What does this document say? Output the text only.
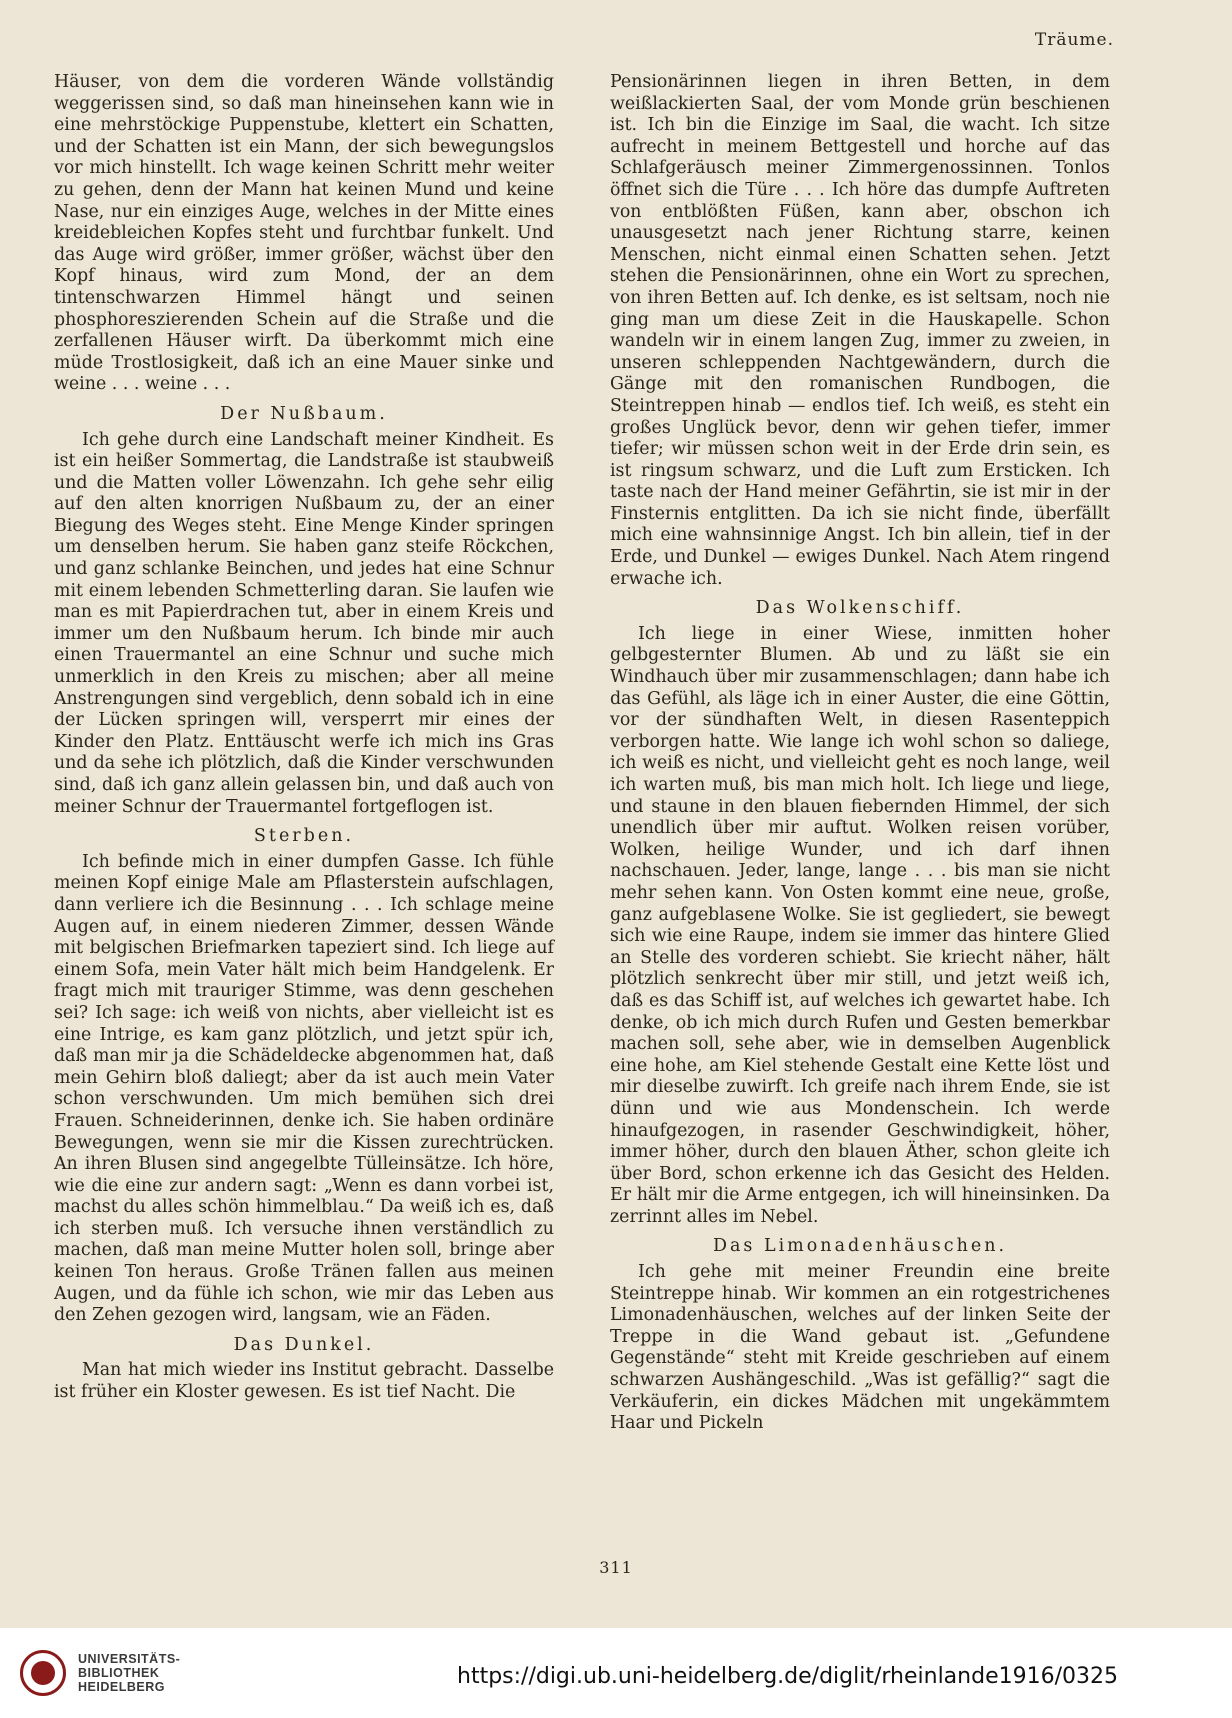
Träume.

Häuser, von dem die vorderen Wände vollständig weggerissen sind, so daß man hineinsehen kann wie in eine mehrstöckige Puppenstube, klettert ein Schatten, und der Schatten ist ein Mann, der sich bewegungslos vor mich hinstellt. Ich wage keinen Schritt mehr weiter zu gehen, denn der Mann hat keinen Mund und keine Nase, nur ein einziges Auge, welches in der Mitte eines kreidebleichen Kopfes steht und furchtbar funkelt. Und das Auge wird größer, immer größer, wächst über den Kopf hinaus, wird zum Mond, der an dem tintenschwarzen Himmel hängt und seinen phosphoreszierenden Schein auf die Straße und die zerfallenen Häuser wirft. Da überkommt mich eine müde Trostlosigkeit, daß ich an eine Mauer sinke und weine . . . weine . . .

Der Nußbaum.

Ich gehe durch eine Landschaft meiner Kindheit. Es ist ein heißer Sommertag, die Landstraße ist staubweiß und die Matten voller Löwenzahn. Ich gehe sehr eilig auf den alten knorrigen Nußbaum zu, der an einer Biegung des Weges steht. Eine Menge Kinder springen um denselben herum. Sie haben ganz steife Röckchen, und ganz schlanke Beinchen, und jedes hat eine Schnur mit einem lebenden Schmetterling daran. Sie laufen wie man es mit Papierdrachen tut, aber in einem Kreis und immer um den Nußbaum herum. Ich binde mir auch einen Trauermantel an eine Schnur und suche mich unmerklich in den Kreis zu mischen; aber all meine Anstrengungen sind vergeblich, denn sobald ich in eine der Lücken springen will, versperrt mir eines der Kinder den Platz. Enttäuscht werfe ich mich ins Gras und da sehe ich plötzlich, daß die Kinder verschwunden sind, daß ich ganz allein gelassen bin, und daß auch von meiner Schnur der Trauermantel fortgeflogen ist.

Sterben.

Ich befinde mich in einer dumpfen Gasse. Ich fühle meinen Kopf einige Male am Pflasterstein aufschlagen, dann verliere ich die Besinnung . . . Ich schlage meine Augen auf, in einem niederen Zimmer, dessen Wände mit belgischen Briefmarken tapeziert sind. Ich liege auf einem Sofa, mein Vater hält mich beim Handgelenk. Er fragt mich mit trauriger Stimme, was denn geschehen sei? Ich sage: ich weiß von nichts, aber vielleicht ist es eine Intrige, es kam ganz plötzlich, und jetzt spür ich, daß man mir ja die Schädeldecke abgenommen hat, daß mein Gehirn bloß daliegt; aber da ist auch mein Vater schon verschwunden. Um mich bemühen sich drei Frauen. Schneiderinnen, denke ich. Sie haben ordinäre Bewegungen, wenn sie mir die Kissen zurechtrücken. An ihren Blusen sind angegelbte Tülleinsätze. Ich höre, wie die eine zur andern sagt: „Wenn es dann vorbei ist, machst du alles schön himmelblau.“ Da weiß ich es, daß ich sterben muß. Ich versuche ihnen verständlich zu machen, daß man meine Mutter holen soll, bringe aber keinen Ton heraus. Große Tränen fallen aus meinen Augen, und da fühle ich schon, wie mir das Leben aus den Zehen gezogen wird, langsam, wie an Fäden.

Das Dunkel.

Man hat mich wieder ins Institut gebracht. Dasselbe ist früher ein Kloster gewesen. Es ist tief Nacht. Die

Pensionärinnen liegen in ihren Betten, in dem weißlackierten Saal, der vom Monde grün beschienen ist. Ich bin die Einzige im Saal, die wacht. Ich sitze aufrecht in meinem Bettgestell und horche auf das Schlafgeräusch meiner Zimmergenossinnen. Tonlos öffnet sich die Türe . . . Ich höre das dumpfe Auftreten von entblößten Füßen, kann aber, obschon ich unausgesetzt nach jener Richtung starre, keinen Menschen, nicht einmal einen Schatten sehen. Jetzt stehen die Pensionärinnen, ohne ein Wort zu sprechen, von ihren Betten auf. Ich denke, es ist seltsam, noch nie ging man um diese Zeit in die Hauskapelle. Schon wandeln wir in einem langen Zug, immer zu zweien, in unseren schleppenden Nachtgewändern, durch die Gänge mit den romanischen Rundbogen, die Steintreppen hinab — endlos tief. Ich weiß, es steht ein großes Unglück bevor, denn wir gehen tiefer, immer tiefer; wir müssen schon weit in der Erde drin sein, es ist ringsum schwarz, und die Luft zum Ersticken. Ich taste nach der Hand meiner Gefährtin, sie ist mir in der Finsternis entglitten. Da ich sie nicht finde, überfällt mich eine wahnsinnige Angst. Ich bin allein, tief in der Erde, und Dunkel — ewiges Dunkel. Nach Atem ringend erwache ich.

Das Wolkenschiff.

Ich liege in einer Wiese, inmitten hoher gelbgesternter Blumen. Ab und zu läßt sie ein Windhauch über mir zusammenschlagen; dann habe ich das Gefühl, als läge ich in einer Auster, die eine Göttin, vor der sündhaften Welt, in diesen Rasenteppich verborgen hatte. Wie lange ich wohl schon so daliege, ich weiß es nicht, und vielleicht geht es noch lange, weil ich warten muß, bis man mich holt. Ich liege und liege, und staune in den blauen fiebernden Himmel, der sich unendlich über mir auftut. Wolken reisen vorüber, Wolken, heilige Wunder, und ich darf ihnen nachschauen. Jeder, lange, lange . . . bis man sie nicht mehr sehen kann. Von Osten kommt eine neue, große, ganz aufgeblasene Wolke. Sie ist gegliedert, sie bewegt sich wie eine Raupe, indem sie immer das hintere Glied an Stelle des vorderen schiebt. Sie kriecht näher, hält plötzlich senkrecht über mir still, und jetzt weiß ich, daß es das Schiff ist, auf welches ich gewartet habe. Ich denke, ob ich mich durch Rufen und Gesten bemerkbar machen soll, sehe aber, wie in demselben Augenblick eine hohe, am Kiel stehende Gestalt eine Kette löst und mir dieselbe zuwirft. Ich greife nach ihrem Ende, sie ist dünn und wie aus Mondenschein. Ich werde hinaufgezogen, in rasender Geschwindigkeit, höher, immer höher, durch den blauen Äther, schon gleite ich über Bord, schon erkenne ich das Gesicht des Helden. Er hält mir die Arme entgegen, ich will hineinsinken. Da zerrinnt alles im Nebel.

Das Limonadenhäuschen.

Ich gehe mit meiner Freundin eine breite Steintreppe hinab. Wir kommen an ein rotgestrichenes Limonadenhäuschen, welches auf der linken Seite der Treppe in die Wand gebaut ist. „Gefundene Gegenstände“ steht mit Kreide geschrieben auf einem schwarzen Aushängeschild. „Was ist gefällig?“ sagt die Verkäuferin, ein dickes Mädchen mit ungekämmtem Haar und Pickeln

311
UNIVERSITÄTS-
BIBLIOTHEK
HEIDELBERG	https://digi.ub.uni-heidelberg.de/diglit/rheinlande1916/0325
